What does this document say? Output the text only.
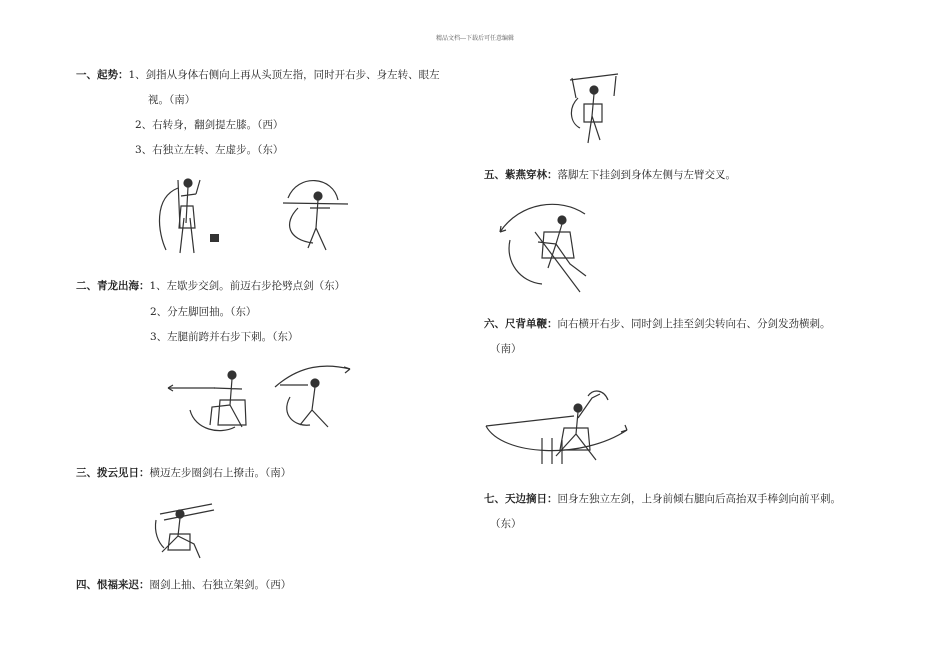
精品文档---下载后可任意编辑
一、起势：1、剑指从身体右侧向上再从头顶左指，同时开右步、身左转、眼左
视。（南）
2、右转身，翻剑提左膝。（西）
3、右独立左转、左虚步。（东）
二、青龙出海：1、左歇步交剑。前迈右步抡劈点剑（东）
2、分左脚回抽。（东）
3、左腿前跨并右步下刺。（东）
三、拨云见日：横迈左步圈剑右上撩击。（南）
四、恨福来迟：圈剑上抽、右独立架剑。（西）
五、紫燕穿林：落脚左下挂剑到身体左侧与左臂交叉。
六、尺背单鞭：向右横开右步、同时剑上挂至剑尖转向右、分剑发劲横刺。
（南）
七、天边摘日：回身左独立左剑，上身前倾右腿向后高抬双手棒剑向前平刺。
（东）
